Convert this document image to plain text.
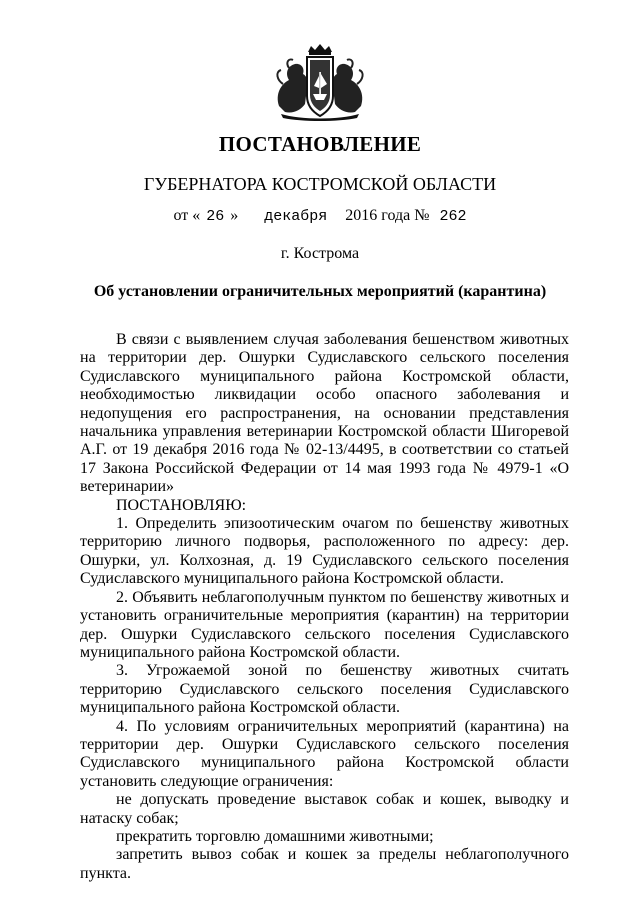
ПОСТАНОВЛЕНИЕ
ГУБЕРНАТОРА КОСТРОМСКОЙ ОБЛАСТИ
от « 26 » декабря 2016 года № 262
г. Кострома
Об установлении ограничительных мероприятий (карантина)

В связи с выявлением случая заболевания бешенством животных на территории дер. Ошурки Судиславского сельского поселения Судиславского муниципального района Костромской области, необходимостью ликвидации особо опасного заболевания и недопущения его распространения, на основании представления начальника управления ветеринарии Костромской области Шигоревой А.Г. от 19 декабря 2016 года № 02-13/4495, в соответствии со статьей 17 Закона Российской Федерации от 14 мая 1993 года № 4979-1 «О ветеринарии»

ПОСТАНОВЛЯЮ:

1. Определить эпизоотическим очагом по бешенству животных территорию личного подворья, расположенного по адресу: дер. Ошурки, ул. Колхозная, д. 19 Судиславского сельского поселения Судиславского муниципального района Костромской области.

2. Объявить неблагополучным пунктом по бешенству животных и установить ограничительные мероприятия (карантин) на территории дер. Ошурки Судиславского сельского поселения Судиславского муниципального района Костромской области.

3. Угрожаемой зоной по бешенству животных считать территорию Судиславского сельского поселения Судиславского муниципального района Костромской области.

4. По условиям ограничительных мероприятий (карантина) на территории дер. Ошурки Судиславского сельского поселения Судиславского муниципального района Костромской области установить следующие ограничения:

не допускать проведение выставок собак и кошек, выводку и натаску собак;

прекратить торговлю домашними животными;

запретить вывоз собак и кошек за пределы неблагополучного пункта.
